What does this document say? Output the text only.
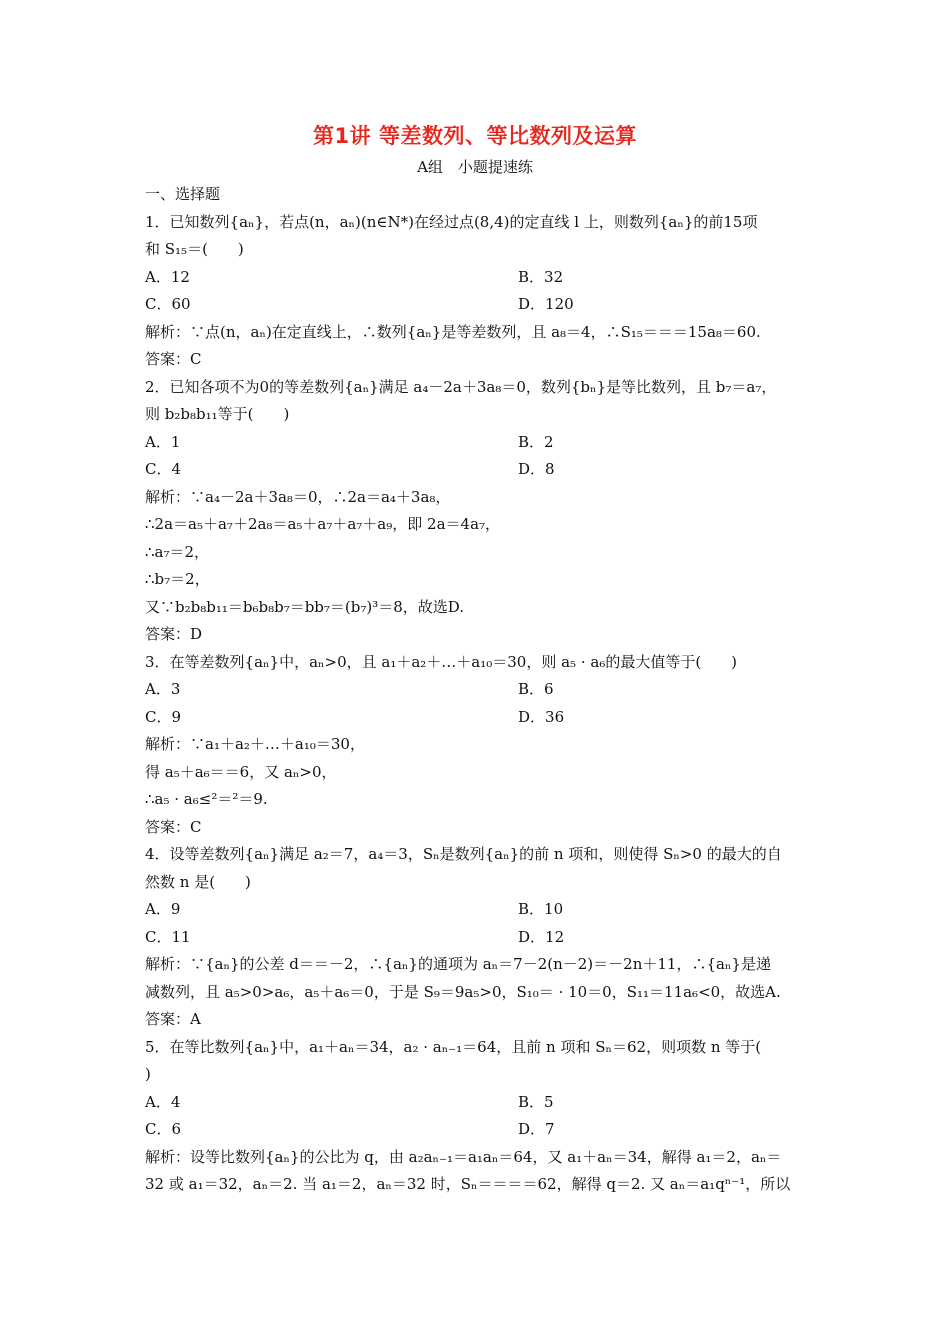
第1讲 等差数列、等比数列及运算
A组　小题提速练
一、选择题
1．已知数列{aₙ}，若点(n，aₙ)(n∈N*)在经过点(8,4)的定直线 l 上，则数列{aₙ}的前15项
和 S₁₅＝(　　)
A．12	B．32
C．60	D．120
解析：∵点(n，aₙ)在定直线上，∴数列{aₙ}是等差数列，且 a₈＝4，∴S₁₅＝＝＝15a₈＝60.
答案：C
2．已知各项不为0的等差数列{aₙ}满足 a₄－2a＋3a₈＝0，数列{bₙ}是等比数列，且 b₇＝a₇，
则 b₂b₈b₁₁等于(　　)
A．1	B．2
C．4	D．8
解析：∵a₄－2a＋3a₈＝0，∴2a＝a₄＋3a₈，
∴2a＝a₅＋a₇＋2a₈＝a₅＋a₇＋a₇＋a₉，即 2a＝4a₇，
∴a₇＝2，
∴b₇＝2，
又∵b₂b₈b₁₁＝b₆b₈b₇＝bb₇＝(b₇)³＝8，故选D.
答案：D
3．在等差数列{aₙ}中，aₙ>0，且 a₁＋a₂＋…＋a₁₀＝30，则 a₅ · a₆的最大值等于(　　)
A．3	B．6
C．9	D．36
解析：∵a₁＋a₂＋…＋a₁₀＝30，
得 a₅＋a₆＝＝6，又 aₙ>0，
∴a₅ · a₆≤²＝²＝9.
答案：C
4．设等差数列{aₙ}满足 a₂＝7，a₄＝3，Sₙ是数列{aₙ}的前 n 项和，则使得 Sₙ>0 的最大的自
然数 n 是(　　)
A．9	B．10
C．11	D．12
解析：∵{aₙ}的公差 d＝＝－2，∴{aₙ}的通项为 aₙ＝7－2(n－2)＝－2n＋11，∴{aₙ}是递
减数列，且 a₅>0>a₆，a₅＋a₆＝0，于是 S₉＝9a₅>0，S₁₀＝ · 10＝0，S₁₁＝11a₆<0，故选A.
答案：A
5．在等比数列{aₙ}中，a₁＋aₙ＝34，a₂ · aₙ₋₁＝64，且前 n 项和 Sₙ＝62，则项数 n 等于(
)
A．4	B．5
C．6	D．7
解析：设等比数列{aₙ}的公比为 q，由 a₂aₙ₋₁＝a₁aₙ＝64，又 a₁＋aₙ＝34，解得 a₁＝2，aₙ＝
32 或 a₁＝32，aₙ＝2. 当 a₁＝2，aₙ＝32 时，Sₙ＝＝＝＝62，解得 q＝2. 又 aₙ＝a₁qⁿ⁻¹，所以
